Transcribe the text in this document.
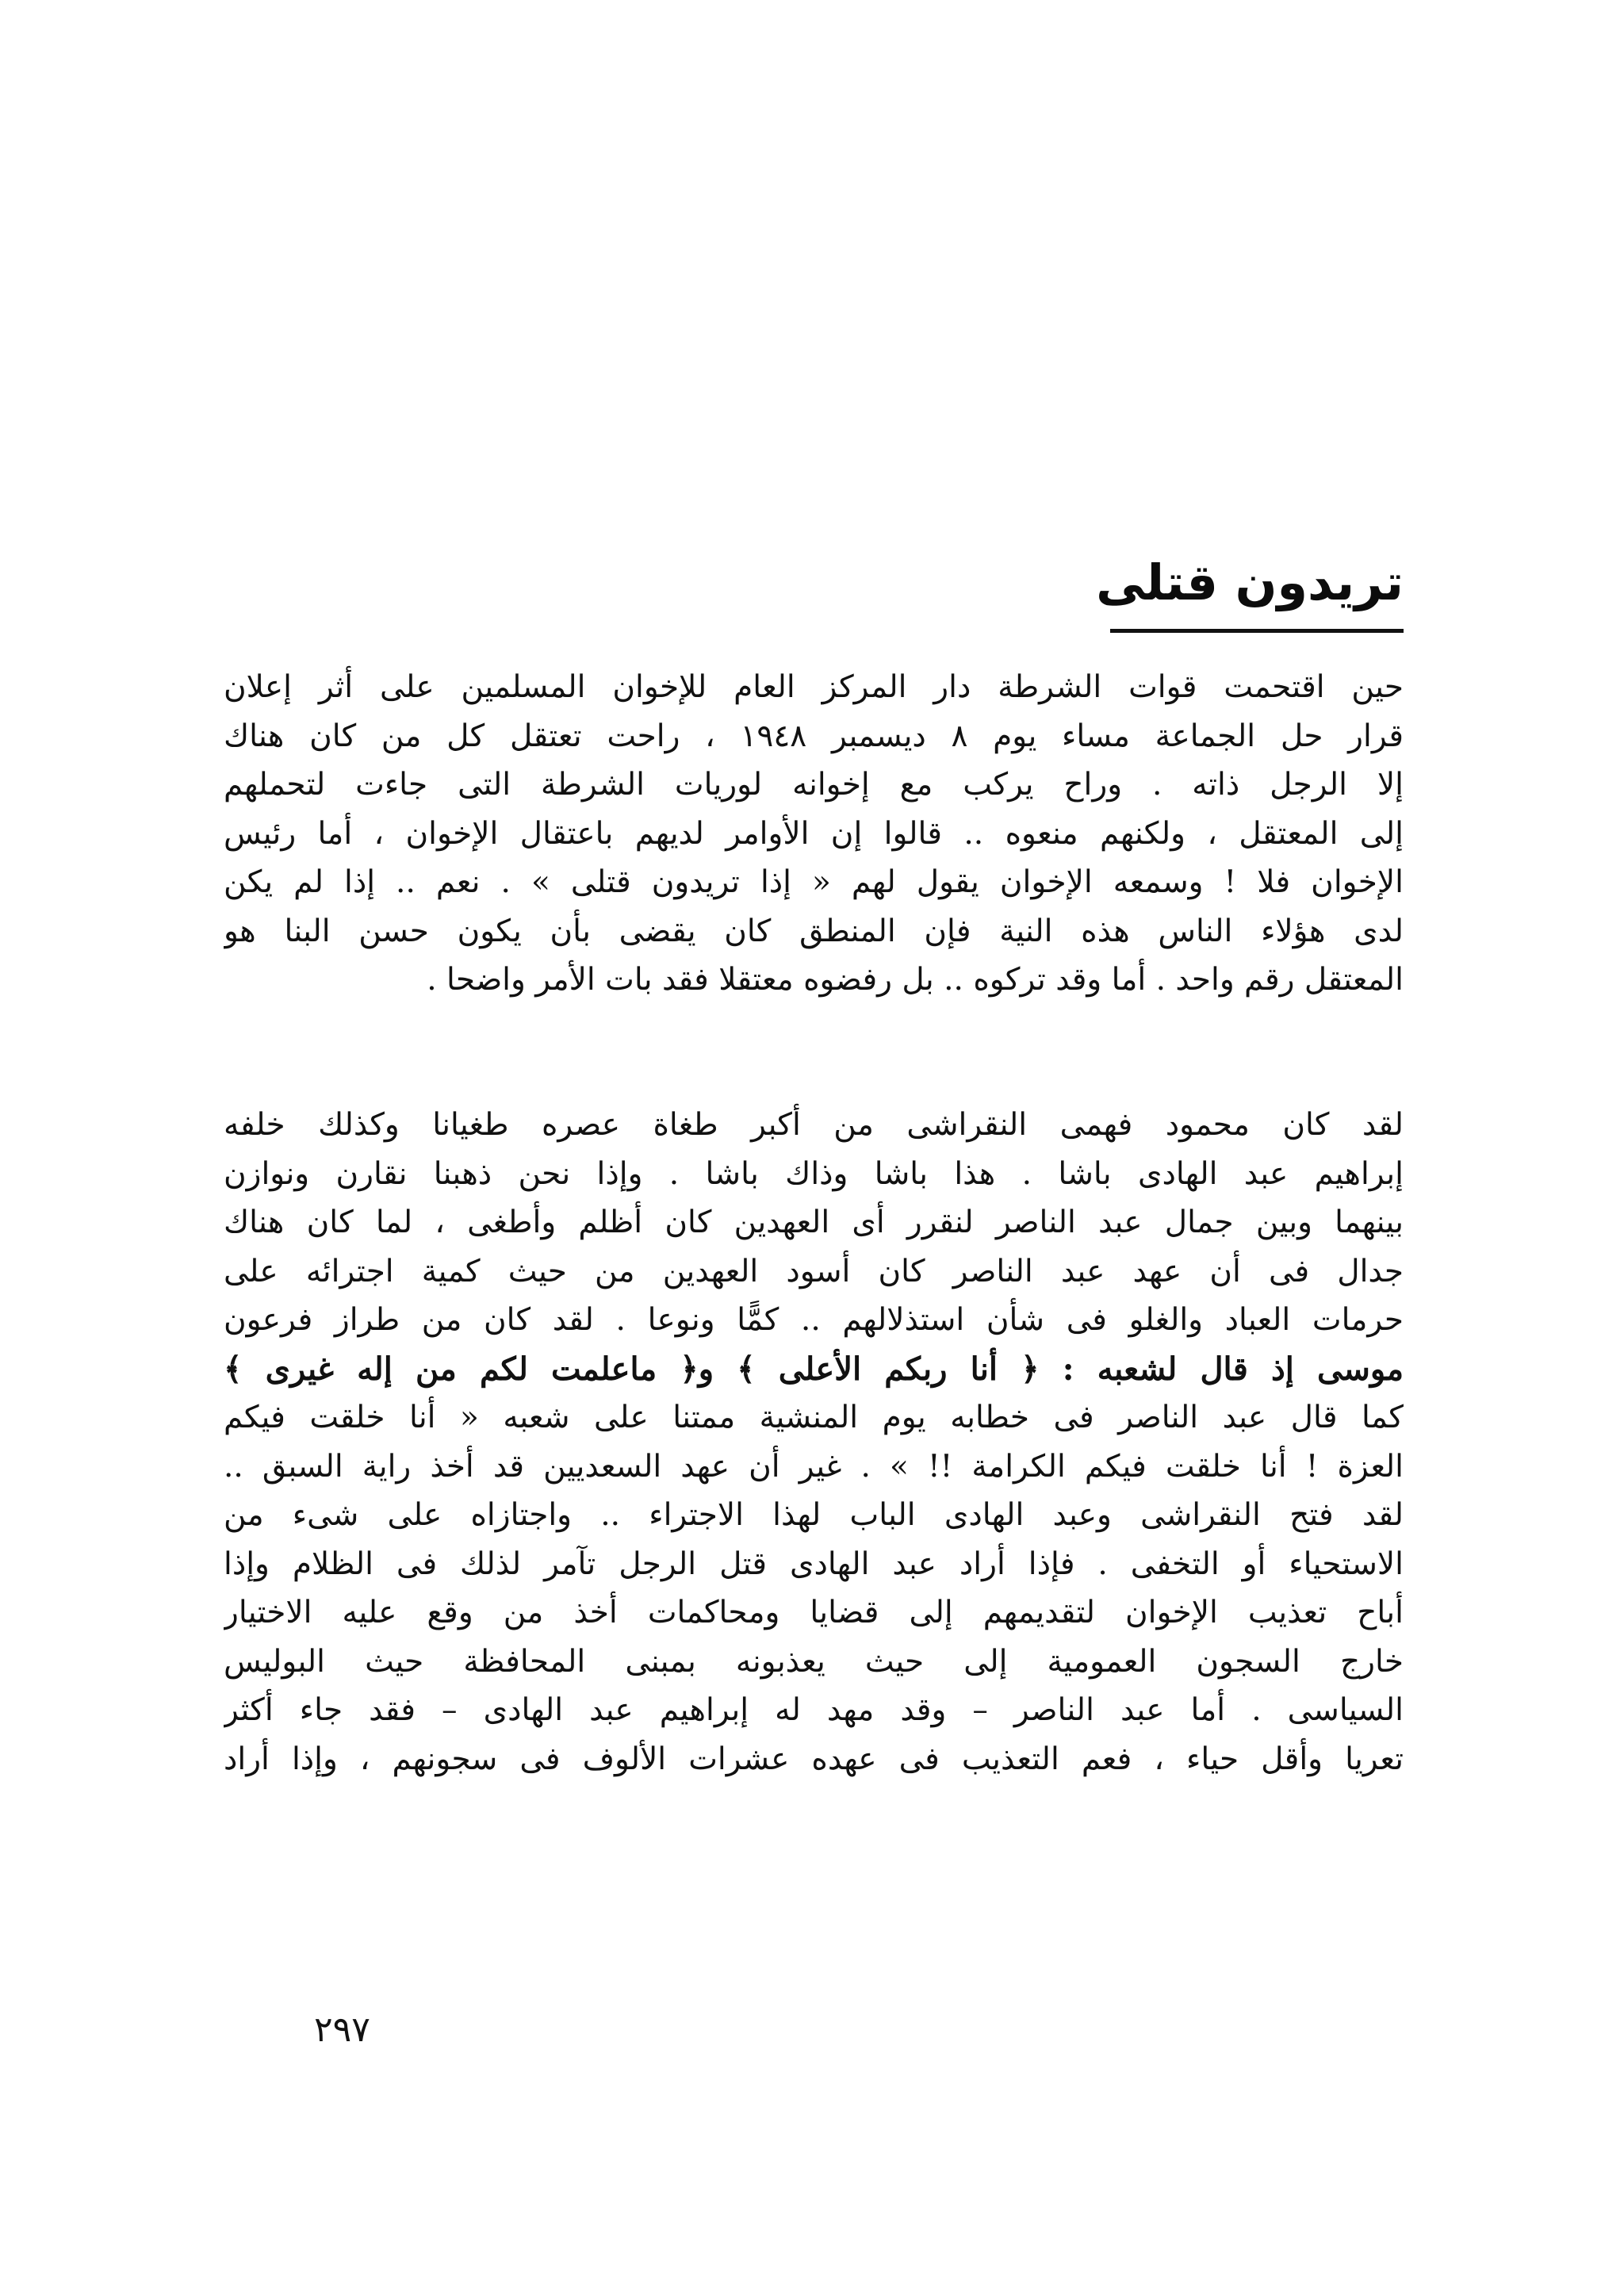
تريدون قتلى
حين اقتحمت قوات الشرطة دار المركز العام للإخوان المسلمين على أثر إعلان
قرار حل الجماعة مساء يوم ٨ ديسمبر ١٩٤٨ ، راحت تعتقل كل من كان هناك
إلا الرجل ذاته . وراح يركب مع إخوانه لوريات الشرطة التى جاءت لتحملهم
إلى المعتقل ، ولكنهم منعوه .. قالوا إن الأوامر لديهم باعتقال الإخوان ، أما رئيس
الإخوان فلا ! وسمعه الإخوان يقول لهم « إذا تريدون قتلى » . نعم .. إذا لم يكن
لدى هؤلاء الناس هذه النية فإن المنطق كان يقضى بأن يكون حسن البنا هو
المعتقل رقم واحد . أما وقد تركوه .. بل رفضوه معتقلا فقد بات الأمر واضحا .
لقد كان محمود فهمى النقراشى من أكبر طغاة عصره طغيانا وكذلك خلفه
إبراهيم عبد الهادى باشا . هذا باشا وذاك باشا . وإذا نحن ذهبنا نقارن ونوازن
بينهما وبين جمال عبد الناصر لنقرر أى العهدين كان أظلم وأطغى ، لما كان هناك
جدال فى أن عهد عبد الناصر كان أسود العهدين من حيث كمية اجترائه على
حرمات العباد والغلو فى شأن استذلالهم .. كمًّا ونوعا . لقد كان من طراز فرعون
موسى إذ قال لشعبه : ﴿ أنا ربكم الأعلى ﴾ و﴿ ماعلمت لكم من إله غيرى ﴾
كما قال عبد الناصر فى خطابه يوم المنشية ممتنا على شعبه « أنا خلقت فيكم
العزة ! أنا خلقت فيكم الكرامة !! » . غير أن عهد السعديين قد أخذ راية السبق ..
لقد فتح النقراشى وعبد الهادى الباب لهذا الاجتراء .. واجتازاه على شىء من
الاستحياء أو التخفى . فإذا أراد عبد الهادى قتل الرجل تآمر لذلك فى الظلام وإذا
أباح تعذيب الإخوان لتقديمهم إلى قضايا ومحاكمات أخذ من وقع عليه الاختيار
خارج السجون العمومية إلى حيث يعذبونه بمبنى المحافظة حيث البوليس
السياسى . أما عبد الناصر – وقد مهد له إبراهيم عبد الهادى – فقد جاء أكثر
تعريا وأقل حياء ، فعم التعذيب فى عهده عشرات الألوف فى سجونهم ، وإذا أراد

٢٩٧
